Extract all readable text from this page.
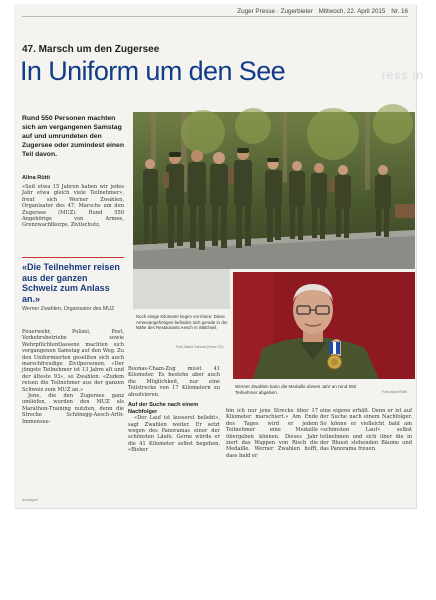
Zuger Presse · Zugerbieter Mittwoch, 22. April 2015 Nr. 16
47. Marsch um den Zugersee
In Uniform um den See	ress in
Rund 550 Personen machten sich am vergangenen Samstag auf und umrundeten den Zugersee oder zumindest einen Teil davon.
Alina Rütti
«Seit etwa 15 Jahren haben wir jedes Jahr etwa gleich viele Teilnehmer», freut sich Werner Zwahlen, Organisator des 47. Marschs um den Zugersee (MUZ). Rund 550 Angehörige von Armee, Grenzwachtkorps, Zivilschutz,
«Die Teilnehmer reisen aus der ganzen Schweiz zum Anlass an.»
Werner Zwahlen, Organisator des MUZ

Feuerwehr, Polizei, Post, Verkehrsbetriebe sowie Wehrpflichtentlassene machten sich vergangenen Samstag auf den Weg. Zu den Uniformierten gesellten sich auch marschfreudige Zivilpersonen. «Der jüngste Teilnehmer ist 13 Jahre alt und der älteste 93», so Zwahlen. «Zudem reisen die Teilnehmer aus der ganzen Schweiz zum MUZ an.»

Jene, die den Zugersee ganz umliefen, wurden den MUZ als Marathon-Training nutzten, denn die Strecke Schönegg-Aesch-Arth-Immensee-

Buonas-Cham-Zug misst 41 Kilometer. Es bestehe aber auch die Möglichkeit, nur eine Teilstrecke von 17 Kilometern zu absolvieren.

Auf der Suche nach einem Nachfolger

«Der Lauf ist äusserst beliebt», sagt Zwahlen weiter. Er setzt wegen des Panoramas einer der schönsten Läufe. Gerne würde er die 41 Kilometer selbst begehen. «Bisher

bin ich nur jene Strecke über 17 Kilometer marschiert.» Am Ende des Tages wird er jedem Teilnehmer eine Medaille übergeben können. Dieses Jahr ziert das Wappen von Risch die Medaille. Werner Zwahlen hofft, dass bald er
eine eigene erhält. Denn er ist auf der Suche nach einem Nachfolger. So könne er vielleicht bald am «schönsten Lauf» selbst teilnehmen und sich über die in der Bluest stehenden Bäume und das Panorama freuen.
Noch einige Kilometer liegen vor ihnen: Diese Armeeangehörigen befinden sich gerade in der Nähe des Restaurants Aesch in Walchwil.
Foto Maria Schmid (Neue ZZ)
Werner Zwahlen kann die Medaille dieses Jahr an rund 550 Teilnehmer abgeben.	Foto Alina Rütti
Anzeigen
